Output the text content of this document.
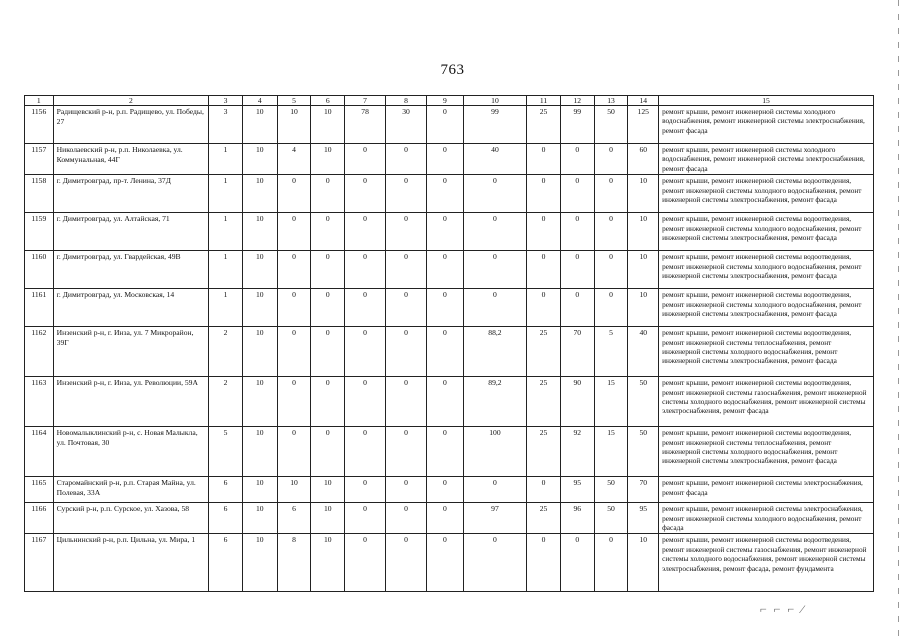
763
1	2	3	4	5	6	7	8	9	10	11	12	13	14	15
1156	Радищевский р-н, р.п. Радищево, ул. Победы, 27	3	10	10	10	78	30	0	99	25	99	50	125	ремонт крыши, ремонт инженерной системы холодного водоснабжения, ремонт инженерной системы электроснабжения, ремонт фасада
1157	Николаевский р-н, р.п. Николаевка, ул. Коммунальная, 44Г	1	10	4	10	0	0	0	40	0	0	0	60	ремонт крыши, ремонт инженерной системы холодного водоснабжения, ремонт инженерной системы электроснабжения, ремонт фасада
1158	г. Димитровград, пр-т. Ленина, 37Д	1	10	0	0	0	0	0	0	0	0	0	10	ремонт крыши, ремонт инженерной системы водоотведения, ремонт инженерной системы холодного водоснабжения, ремонт инженерной системы электроснабжения, ремонт фасада
1159	г. Димитровград, ул. Алтайская, 71	1	10	0	0	0	0	0	0	0	0	0	10	ремонт крыши, ремонт инженерной системы водоотведения, ремонт инженерной системы холодного водоснабжения, ремонт инженерной системы электроснабжения, ремонт фасада
1160	г. Димитровград, ул. Гвардейская, 49В	1	10	0	0	0	0	0	0	0	0	0	10	ремонт крыши, ремонт инженерной системы водоотведения, ремонт инженерной системы холодного водоснабжения, ремонт инженерной системы электроснабжения, ремонт фасада
1161	г. Димитровград, ул. Московская, 14	1	10	0	0	0	0	0	0	0	0	0	10	ремонт крыши, ремонт инженерной системы водоотведения, ремонт инженерной системы холодного водоснабжения, ремонт инженерной системы электроснабжения, ремонт фасада
1162	Инзенский р-н, г. Инза, ул. 7 Микрорайон, 39Г	2	10	0	0	0	0	0	88,2	25	70	5	40	ремонт крыши, ремонт инженерной системы водоотведения, ремонт инженерной системы теплоснабжения, ремонт инженерной системы холодного водоснабжения, ремонт инженерной системы электроснабжения, ремонт фасада
1163	Инзенский р-н, г. Инза, ул. Революции, 59А	2	10	0	0	0	0	0	89,2	25	90	15	50	ремонт крыши, ремонт инженерной системы водоотведения, ремонт инженерной системы газоснабжения, ремонт инженерной системы холодного водоснабжения, ремонт инженерной системы электроснабжения, ремонт фасада
1164	Новомалыклинский р-н, с. Новая Малыкла, ул. Почтовая, 30	5	10	0	0	0	0	0	100	25	92	15	50	ремонт крыши, ремонт инженерной системы водоотведения, ремонт инженерной системы теплоснабжения, ремонт инженерной системы холодного водоснабжения, ремонт инженерной системы электроснабжения, ремонт фасада
1165	Старомайнский р-н, р.п. Старая Майна, ул. Полевая, 33А	6	10	10	10	0	0	0	0	0	95	50	70	ремонт крыши, ремонт инженерной системы электроснабжения, ремонт фасада
1166	Сурский р-н, р.п. Сурское, ул. Хазова, 58	6	10	6	10	0	0	0	97	25	96	50	95	ремонт крыши, ремонт инженерной системы электроснабжения, ремонт инженерной системы холодного водоснабжения, ремонт фасада
1167	Цильнинский р-н, р.п. Цильна, ул. Мира, 1	6	10	8	10	0	0	0	0	0	0	0	10	ремонт крыши, ремонт инженерной системы водоотведения, ремонт инженерной системы газоснабжения, ремонт инженерной системы холодного водоснабжения, ремонт инженерной системы электроснабжения, ремонт фасада, ремонт фундамента
⌐ ⌐ ⌐ ⁄
